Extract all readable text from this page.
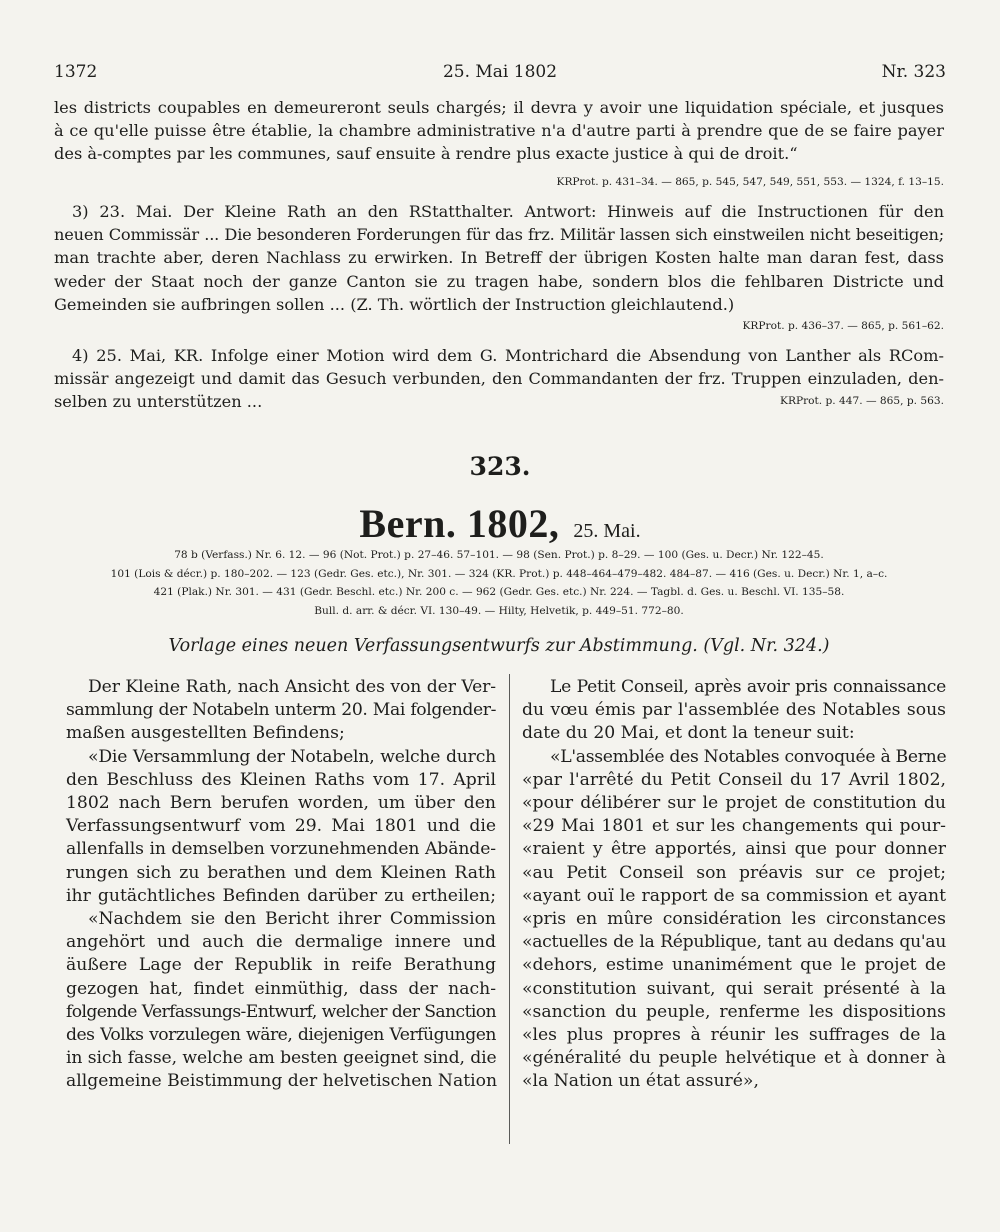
1372	25. Mai 1802	Nr. 323
les districts coupables en demeureront seuls chargés; il devra y avoir une liquidation spéciale, et jusques
à ce qu'elle puisse être établie, la chambre administrative n'a d'autre parti à prendre que de se faire payer
des à-comptes par les communes, sauf ensuite à rendre plus exacte justice à qui de droit.“
KRProt. p. 431–34. — 865, p. 545, 547, 549, 551, 553. — 1324, f. 13–15.
3) 23. Mai. Der Kleine Rath an den RStatthalter. Antwort: Hinweis auf die Instructionen für den
neuen Commissär ... Die besonderen Forderungen für das frz. Militär lassen sich einstweilen nicht beseitigen;
man trachte aber, deren Nachlass zu erwirken. In Betreff der übrigen Kosten halte man daran fest, dass
weder der Staat noch der ganze Canton sie zu tragen habe, sondern blos die fehlbaren Districte und
Gemeinden sie aufbringen sollen ... (Z. Th. wörtlich der Instruction gleichlautend.)
KRProt. p. 436–37. — 865, p. 561–62.
4) 25. Mai, KR. Infolge einer Motion wird dem G. Montrichard die Absendung von Lanther als RCom-
missär angezeigt und damit das Gesuch verbunden, den Commandanten der frz. Truppen einzuladen, den-
selben zu unterstützen ...	KRProt. p. 447. — 865, p. 563.
323.
Bern. 1802, 25. Mai.
78 b (Verfass.) Nr. 6. 12. — 96 (Not. Prot.) p. 27–46. 57–101. — 98 (Sen. Prot.) p. 8–29. — 100 (Ges. u. Decr.) Nr. 122–45.
101 (Lois & décr.) p. 180–202. — 123 (Gedr. Ges. etc.), Nr. 301. — 324 (KR. Prot.) p. 448–464–479–482. 484–87. — 416 (Ges. u. Decr.) Nr. 1, a–c.
421 (Plak.) Nr. 301. — 431 (Gedr. Beschl. etc.) Nr. 200 c. — 962 (Gedr. Ges. etc.) Nr. 224. — Tagbl. d. Ges. u. Beschl. VI. 135–58.
Bull. d. arr. & décr. VI. 130–49. — Hilty, Helvetik, p. 449–51. 772–80.
Vorlage eines neuen Verfassungsentwurfs zur Abstimmung. (Vgl. Nr. 324.)
Der Kleine Rath, nach Ansicht des von der Ver-
sammlung der Notabeln unterm 20. Mai folgender-
maßen ausgestellten Befindens;
«Die Versammlung der Notabeln, welche durch
den Beschluss des Kleinen Raths vom 17. April
1802 nach Bern berufen worden, um über den
Verfassungsentwurf vom 29. Mai 1801 und die
allenfalls in demselben vorzunehmenden Abände-
rungen sich zu berathen und dem Kleinen Rath
ihr gutächtliches Befinden darüber zu ertheilen;
«Nachdem sie den Bericht ihrer Commission
angehört und auch die dermalige innere und
äußere Lage der Republik in reife Berathung
gezogen hat, findet einmüthig, dass der nach-
folgende Verfassungs-Entwurf, welcher der Sanction
des Volks vorzulegen wäre, diejenigen Verfügungen
in sich fasse, welche am besten geeignet sind, die
allgemeine Beistimmung der helvetischen Nation
Le Petit Conseil, après avoir pris connaissance
du vœu émis par l'assemblée des Notables sous
date du 20 Mai, et dont la teneur suit:
«L'assemblée des Notables convoquée à Berne
«par l'arrêté du Petit Conseil du 17 Avril 1802,
«pour délibérer sur le projet de constitution du
«29 Mai 1801 et sur les changements qui pour-
«raient y être apportés, ainsi que pour donner
«au Petit Conseil son préavis sur ce projet;
«ayant ouï le rapport de sa commission et ayant
«pris en mûre considération les circonstances
«actuelles de la République, tant au dedans qu'au
«dehors, estime unanimément que le projet de
«constitution suivant, qui serait présenté à la
«sanction du peuple, renferme les dispositions
«les plus propres à réunir les suffrages de la
«généralité du peuple helvétique et à donner à
«la Nation un état assuré»,
